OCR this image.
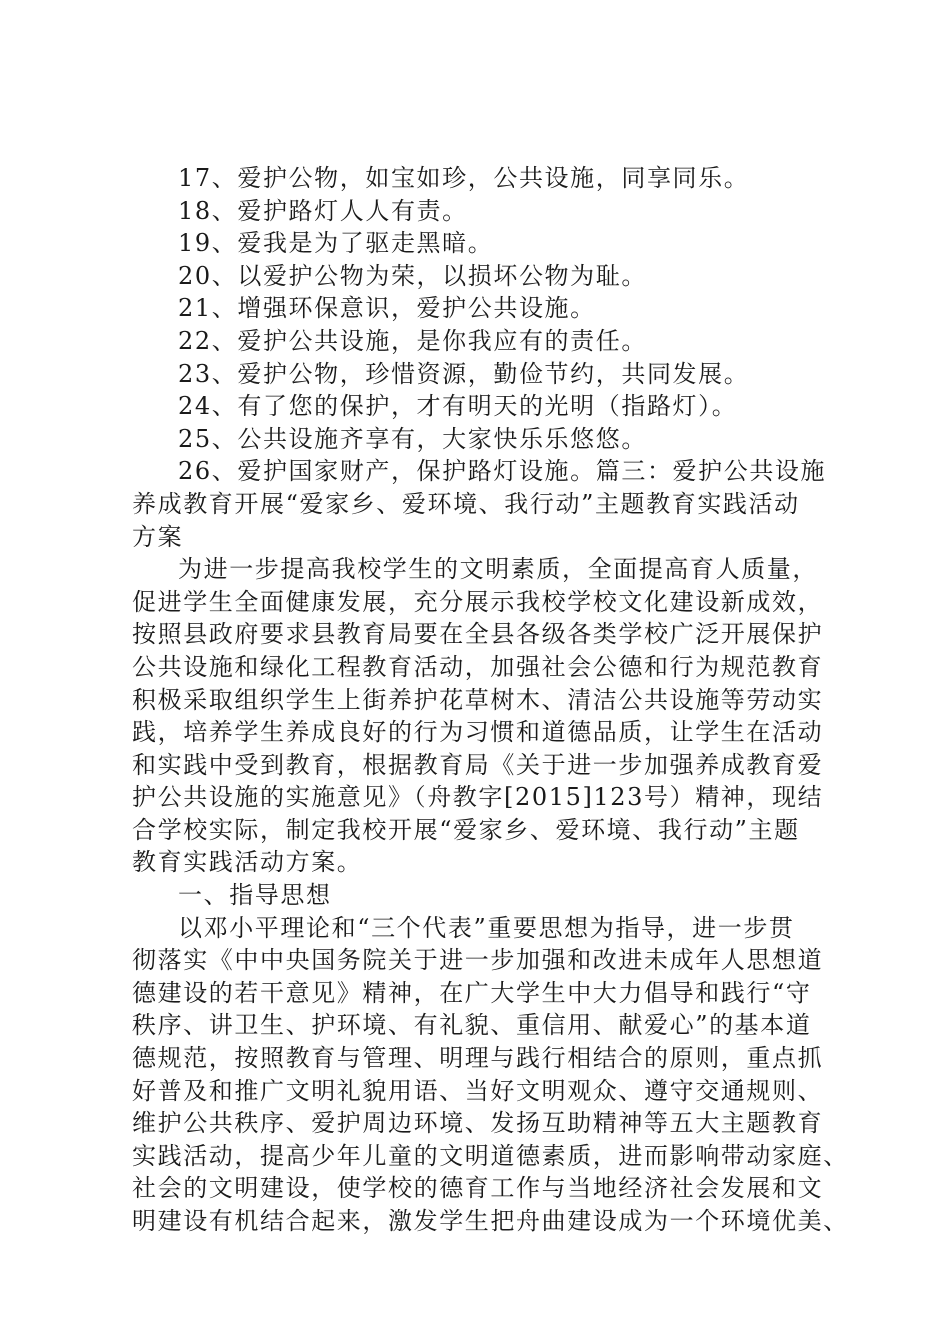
17、爱护公物，如宝如珍，公共设施，同享同乐。
18、爱护路灯人人有责。
19、爱我是为了驱走黑暗。
20、以爱护公物为荣，以损坏公物为耻。
21、增强环保意识，爱护公共设施。
22、爱护公共设施，是你我应有的责任。
23、爱护公物，珍惜资源，勤俭节约，共同发展。
24、有了您的保护，才有明天的光明（指路灯）。
25、公共设施齐享有，大家快乐乐悠悠。
26、爱护国家财产，保护路灯设施。篇三：爱护公共设施
养成教育开展“爱家乡、爱环境、我行动”主题教育实践活动
方案
为进一步提高我校学生的文明素质，全面提高育人质量，
促进学生全面健康发展，充分展示我校学校文化建设新成效，
按照县政府要求县教育局要在全县各级各类学校广泛开展保护
公共设施和绿化工程教育活动，加强社会公德和行为规范教育
积极采取组织学生上街养护花草树木、清洁公共设施等劳动实
践，培养学生养成良好的行为习惯和道德品质，让学生在活动
和实践中受到教育，根据教育局《关于进一步加强养成教育爱
护公共设施的实施意见》（舟教字[2015]123号）精神，现结
合学校实际，制定我校开展“爱家乡、爱环境、我行动”主题
教育实践活动方案。
一、指导思想
以邓小平理论和“三个代表”重要思想为指导，进一步贯
彻落实《中中央国务院关于进一步加强和改进未成年人思想道
德建设的若干意见》精神，在广大学生中大力倡导和践行“守
秩序、讲卫生、护环境、有礼貌、重信用、献爱心”的基本道
德规范，按照教育与管理、明理与践行相结合的原则，重点抓
好普及和推广文明礼貌用语、当好文明观众、遵守交通规则、
维护公共秩序、爱护周边环境、发扬互助精神等五大主题教育
实践活动，提高少年儿童的文明道德素质，进而影响带动家庭、
社会的文明建设，使学校的德育工作与当地经济社会发展和文
明建设有机结合起来，激发学生把舟曲建设成为一个环境优美、
